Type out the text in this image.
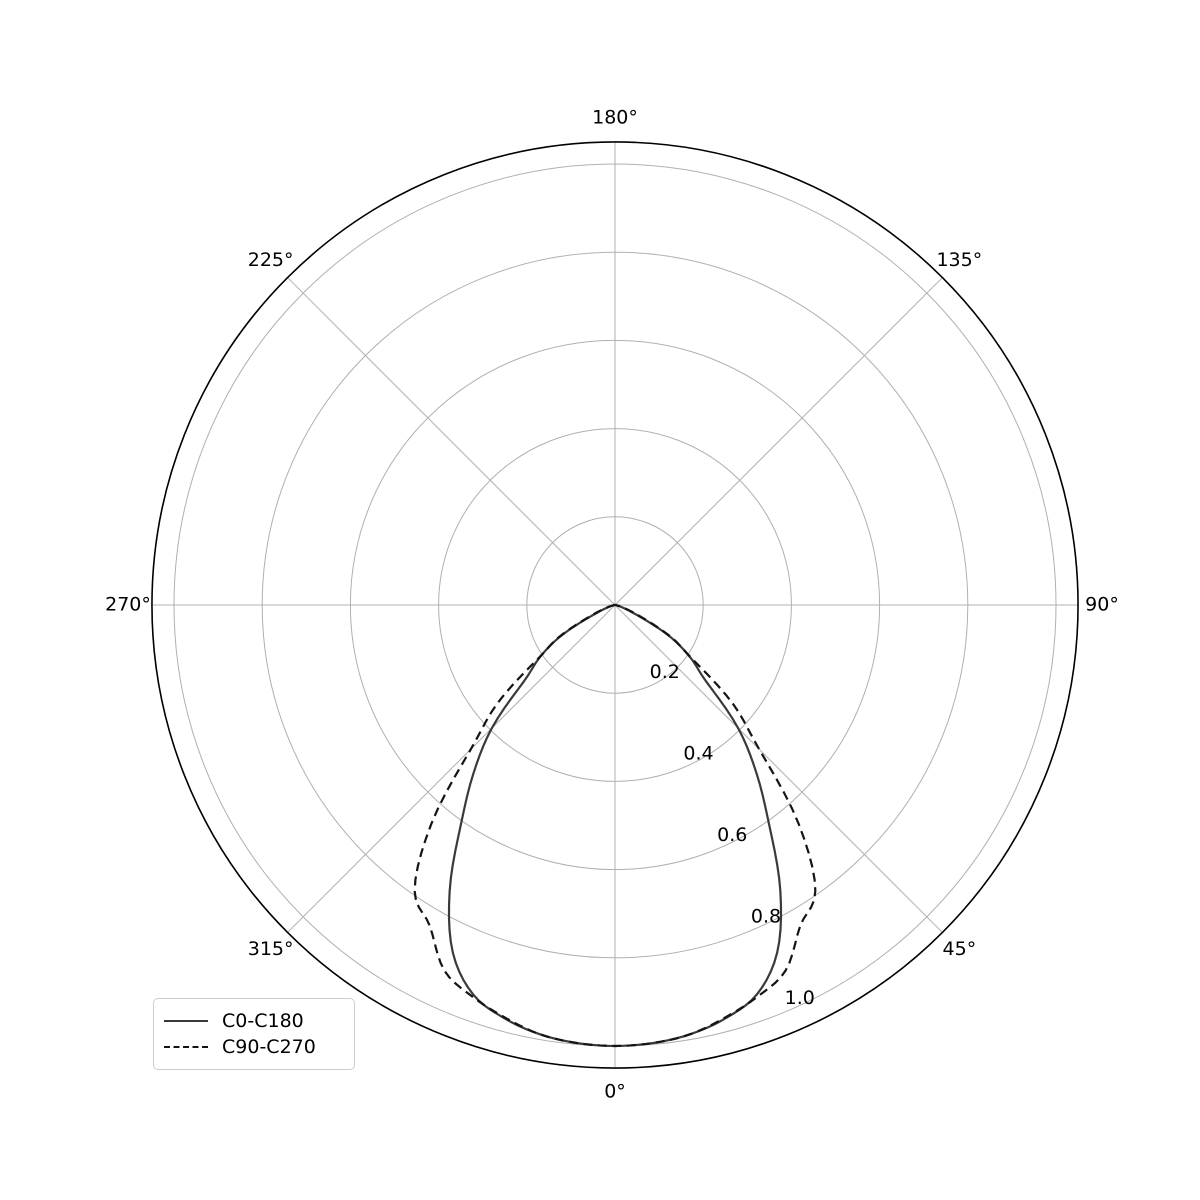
0°
45°
90°
135°
180°
225°
270°
315°
0.2
0.4
0.6
0.8
1.0
C0-C180
C90-C270
